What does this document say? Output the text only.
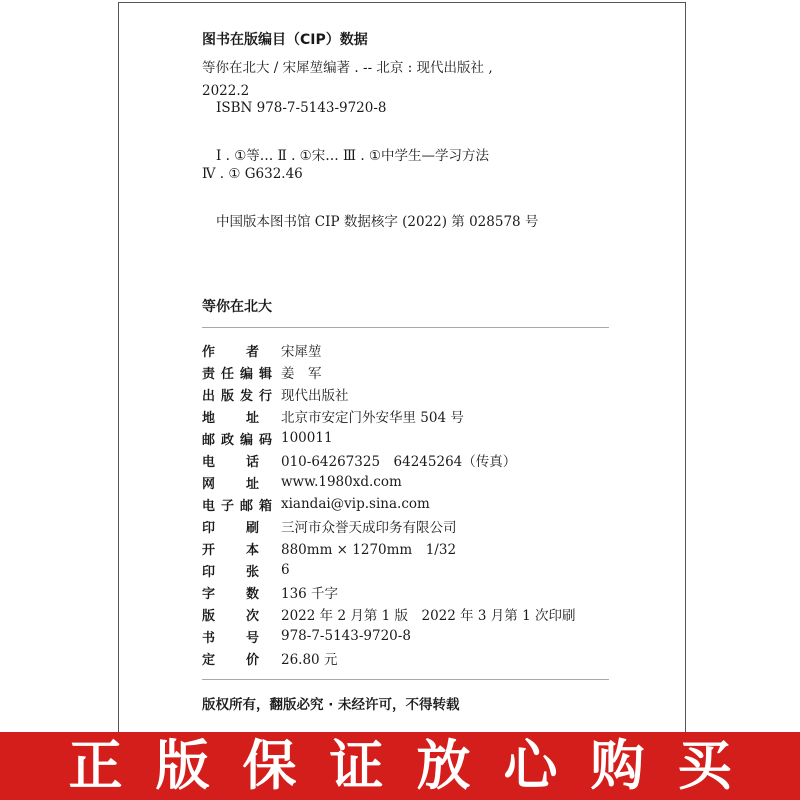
图书在版编目（CIP）数据
等你在北大 / 宋犀堃编著 . -- 北京 : 现代出版社 ,
2022.2
ISBN 978-7-5143-9720-8
Ⅰ . ①等… Ⅱ . ①宋… Ⅲ . ①中学生—学习方法
Ⅳ . ① G632.46
中国版本图书馆 CIP 数据核字 (2022) 第 028578 号
等你在北大
作者 宋犀堃
责任编辑 姜　军
出版发行 现代出版社
地址 北京市安定门外安华里 504 号
邮政编码 100011
电话 010-64267325　64245264（传真）
网址 www.1980xd.com
电子邮箱 xiandai@vip.sina.com
印刷 三河市众誉天成印务有限公司
开本 880mm × 1270mm　1/32
印张 6
字数 136 千字
版次 2022 年 2 月第 1 版　2022 年 3 月第 1 次印刷
书号 978-7-5143-9720-8
定价 26.80 元
版权所有，翻版必究 · 未经许可，不得转载
正 版 保 证 放 心 购 买
